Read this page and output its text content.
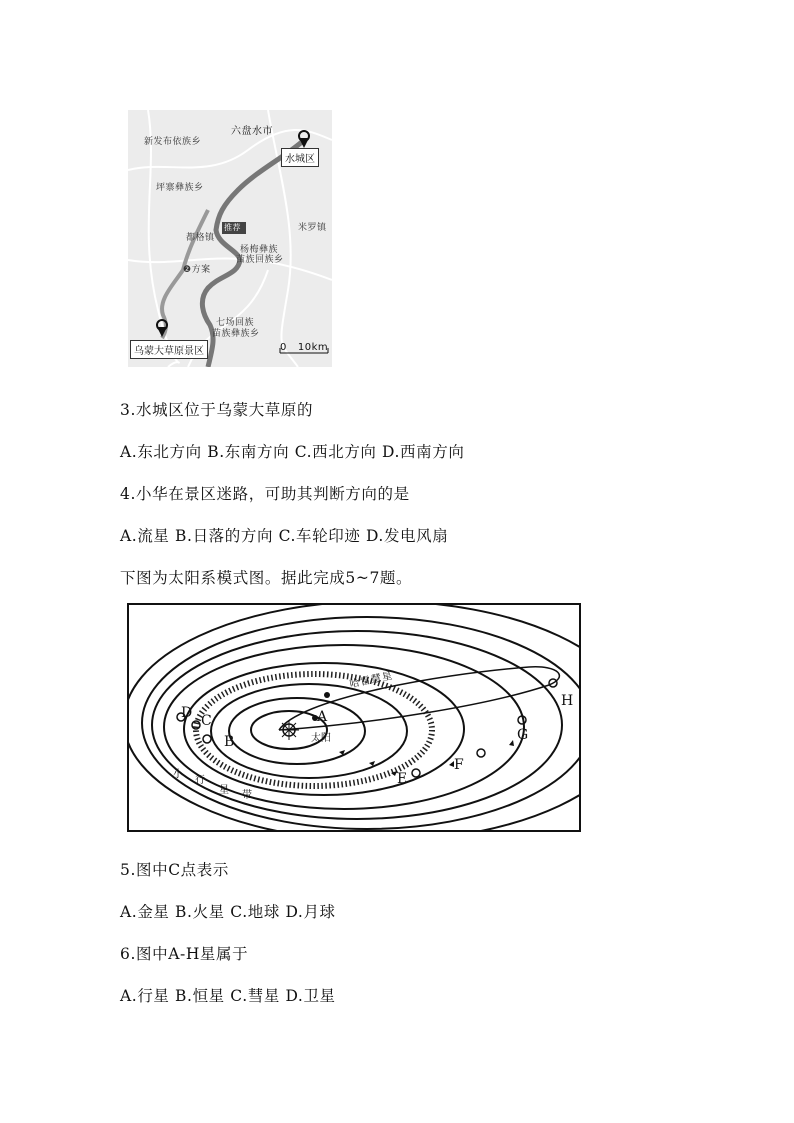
六盘水市
新发布依族乡
坪寨彝族乡
都格镇
推荐
杨梅彝族
苗族回族乡
米罗镇
❷方案
七场回族
苗族彝族乡
水城区
乌蒙大草原景区	0   10km
3.水城区位于乌蒙大草原的
A.东北方向 B.东南方向 C.西北方向 D.西南方向
4.小华在景区迷路，可助其判断方向的是
A.流星 B.日落的方向 C.车轮印迹 D.发电风扇
下图为太阳系模式图。据此完成5~7题。
A
B
C
D
E
F
G
H
太阳
哈雷慧星
小
行
星 带
5.图中C点表示
A.金星 B.火星 C.地球 D.月球
6.图中A-H星属于
A.行星 B.恒星 C.彗星 D.卫星
